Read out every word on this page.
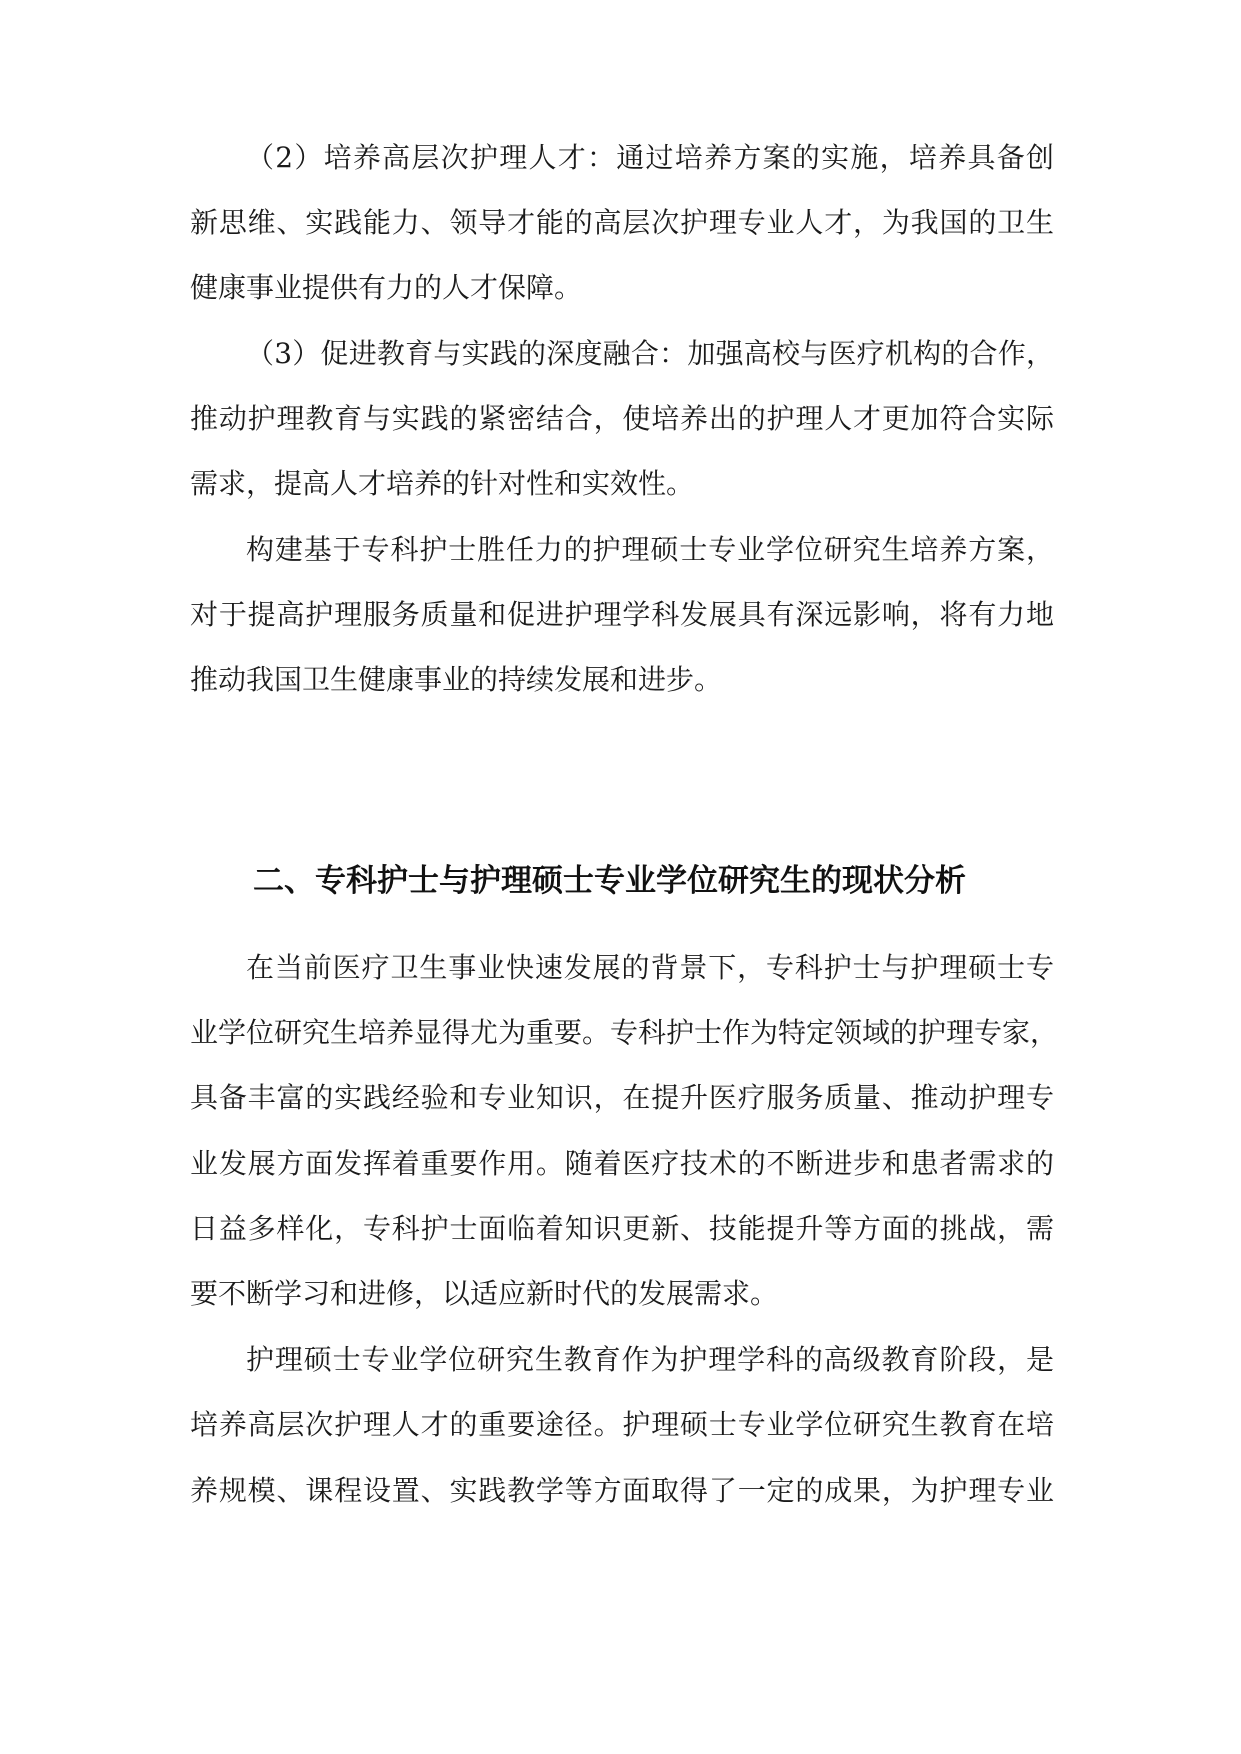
（2）培养高层次护理人才：通过培养方案的实施，培养具备创
新思维、实践能力、领导才能的高层次护理专业人才，为我国的卫生
健康事业提供有力的人才保障。
（3）促进教育与实践的深度融合：加强高校与医疗机构的合作，
推动护理教育与实践的紧密结合，使培养出的护理人才更加符合实际
需求，提高人才培养的针对性和实效性。
构建基于专科护士胜任力的护理硕士专业学位研究生培养方案，
对于提高护理服务质量和促进护理学科发展具有深远影响，将有力地
推动我国卫生健康事业的持续发展和进步。
二、专科护士与护理硕士专业学位研究生的现状分析
在当前医疗卫生事业快速发展的背景下，专科护士与护理硕士专
业学位研究生培养显得尤为重要。专科护士作为特定领域的护理专家，
具备丰富的实践经验和专业知识，在提升医疗服务质量、推动护理专
业发展方面发挥着重要作用。随着医疗技术的不断进步和患者需求的
日益多样化，专科护士面临着知识更新、技能提升等方面的挑战，需
要不断学习和进修，以适应新时代的发展需求。
护理硕士专业学位研究生教育作为护理学科的高级教育阶段，是
培养高层次护理人才的重要途径。护理硕士专业学位研究生教育在培
养规模、课程设置、实践教学等方面取得了一定的成果，为护理专业
